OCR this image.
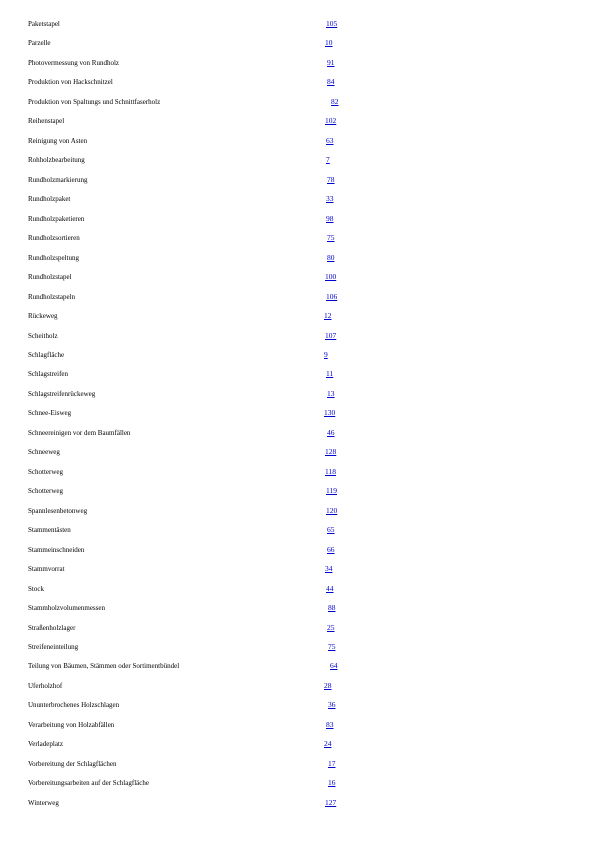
Paketstapel	105
Parzelle	10
Photovermessung von Rundholz	91
Produktion von Hackschnitzel	84
Produktion von Spaltungs und Schnittfaserholz	82
Reihenstapel	102
Reinigung von Asten	63
Rohholzbearbeitung	7
Rundholzmarkierung	78
Rundholzpaket	33
Rundholzpaketieren	98
Rundholzsortieren	75
Rundholzspeltung	80
Rundholzstapel	100
Rundholzstapeln	106
Rückeweg	12
Scheitholz	107
Schlagfläche	9
Schlagstreifen	11
Schlagstreifenrückeweg	13
Schnee-Eisweg	130
Schneereinigen vor dem Baumfällen	46
Schneeweg	128
Schotterweg	118
Schotterweg	119
Spannlesenbetonweg	120
Stammentästen	65
Stammeinschneiden	66
Stammvorrat	34
Stock	44
Stammholzvolumenmessen	88
Straßenholzlager	25
Streifeneinteilung	75
Teilung von Bäumen, Stämmen oder Sortimentbündel	64
Uferholzhof	28
Ununterbrochenes Holzschlagen	36
Verarbeitung von Holzabfällen	83
Verladeplatz	24
Vorbereitung der Schlagflächen	17
Vorbereitungsarbeiten auf der Schlagfläche	16
Winterweg	127
